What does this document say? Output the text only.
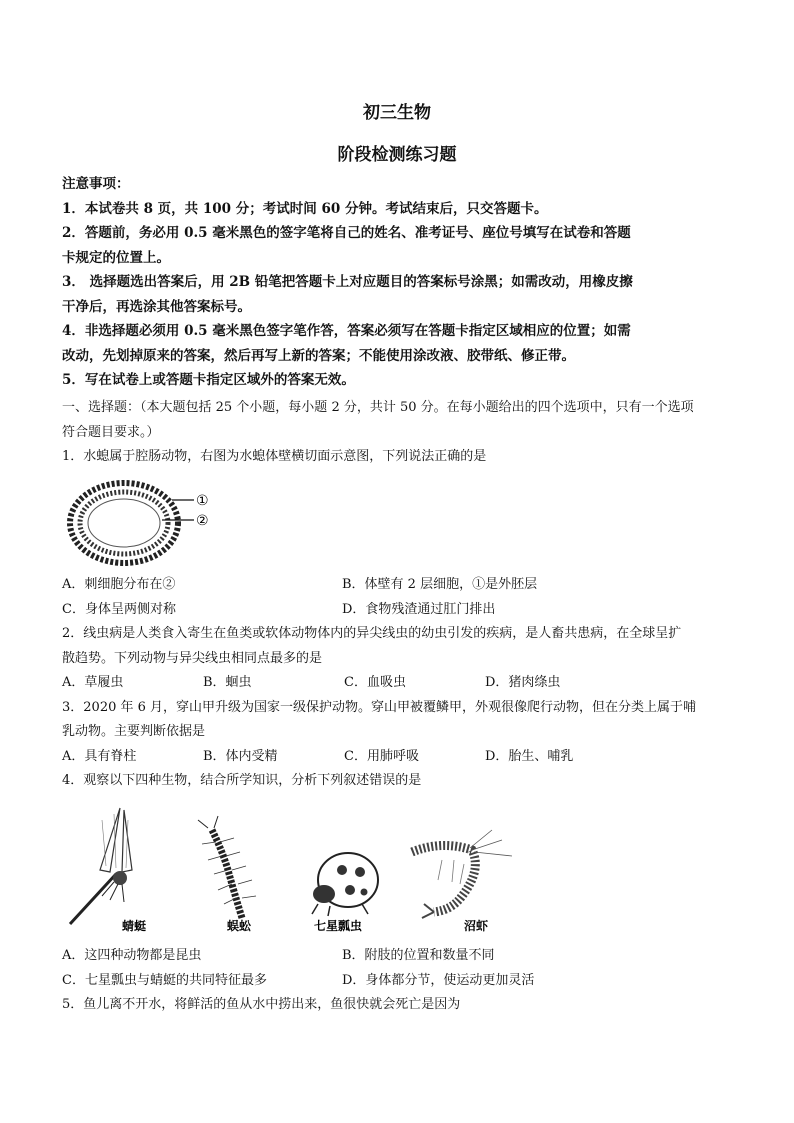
初三生物
阶段检测练习题
注意事项：
1．本试卷共 8 页，共 100 分；考试时间 60 分钟。考试结束后，只交答题卡。
2．答题前，务必用 0.5 毫米黑色的签字笔将自己的姓名、准考证号、座位号填写在试卷和答题
卡规定的位置上。
3． 选择题选出答案后，用 2B 铅笔把答题卡上对应题目的答案标号涂黑；如需改动，用橡皮擦
干净后，再选涂其他答案标号。
4．非选择题必须用 0.5 毫米黑色签字笔作答，答案必须写在答题卡指定区域相应的位置；如需
改动，先划掉原来的答案，然后再写上新的答案；不能使用涂改液、胶带纸、修正带。
5．写在试卷上或答题卡指定区域外的答案无效。
一、选择题：（本大题包括 25 个小题，每小题 2 分，共计 50 分。在每小题给出的四个选项中，只有一个选项
符合题目要求。）
1．水螅属于腔肠动物，右图为水螅体壁横切面示意图，下列说法正确的是
①
②
A．刺细胞分布在②	B．体壁有 2 层细胞，①是外胚层
C．身体呈两侧对称	D．食物残渣通过肛门排出
2．线虫病是人类食入寄生在鱼类或软体动物体内的异尖线虫的幼虫引发的疾病，是人畜共患病，在全球呈扩
散趋势。下列动物与异尖线虫相同点最多的是
A．草履虫	B．蛔虫	C．血吸虫	D．猪肉绦虫
3．2020 年 6 月，穿山甲升级为国家一级保护动物。穿山甲被覆鳞甲，外观很像爬行动物，但在分类上属于哺
乳动物。主要判断依据是
A．具有脊柱	B．体内受精	C．用肺呼吸	D．胎生、哺乳
4．观察以下四种生物，结合所学知识，分析下列叙述错误的是
蜻蜓	蜈蚣	七星瓢虫	沼虾
A．这四种动物都是昆虫	B．附肢的位置和数量不同
C．七星瓢虫与蜻蜓的共同特征最多	D．身体都分节，使运动更加灵活
5．鱼儿离不开水，将鲜活的鱼从水中捞出来，鱼很快就会死亡是因为
